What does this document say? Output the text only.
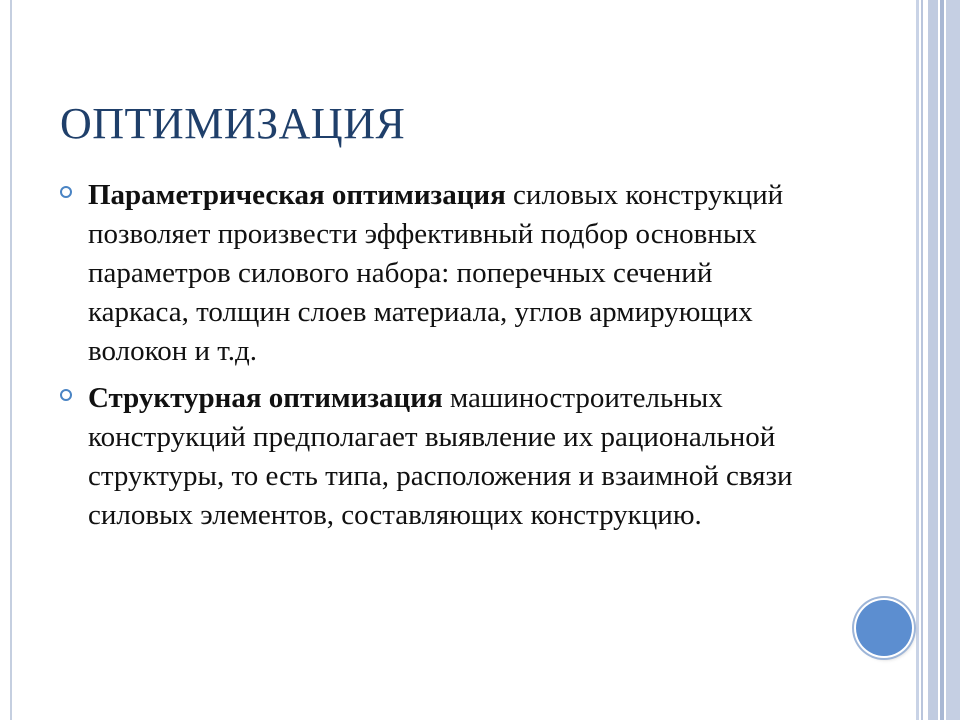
ОПТИМИЗАЦИЯ
Параметрическая оптимизация силовых конструкций позволяет произвести эффективный подбор основных параметров силового набора: поперечных сечений каркаса, толщин слоев материала, углов армирующих волокон и т.д.
Структурная оптимизация машиностроительных конструкций предполагает выявление их рациональной структуры, то есть типа, расположения и взаимной связи силовых элементов, составляющих конструкцию.
